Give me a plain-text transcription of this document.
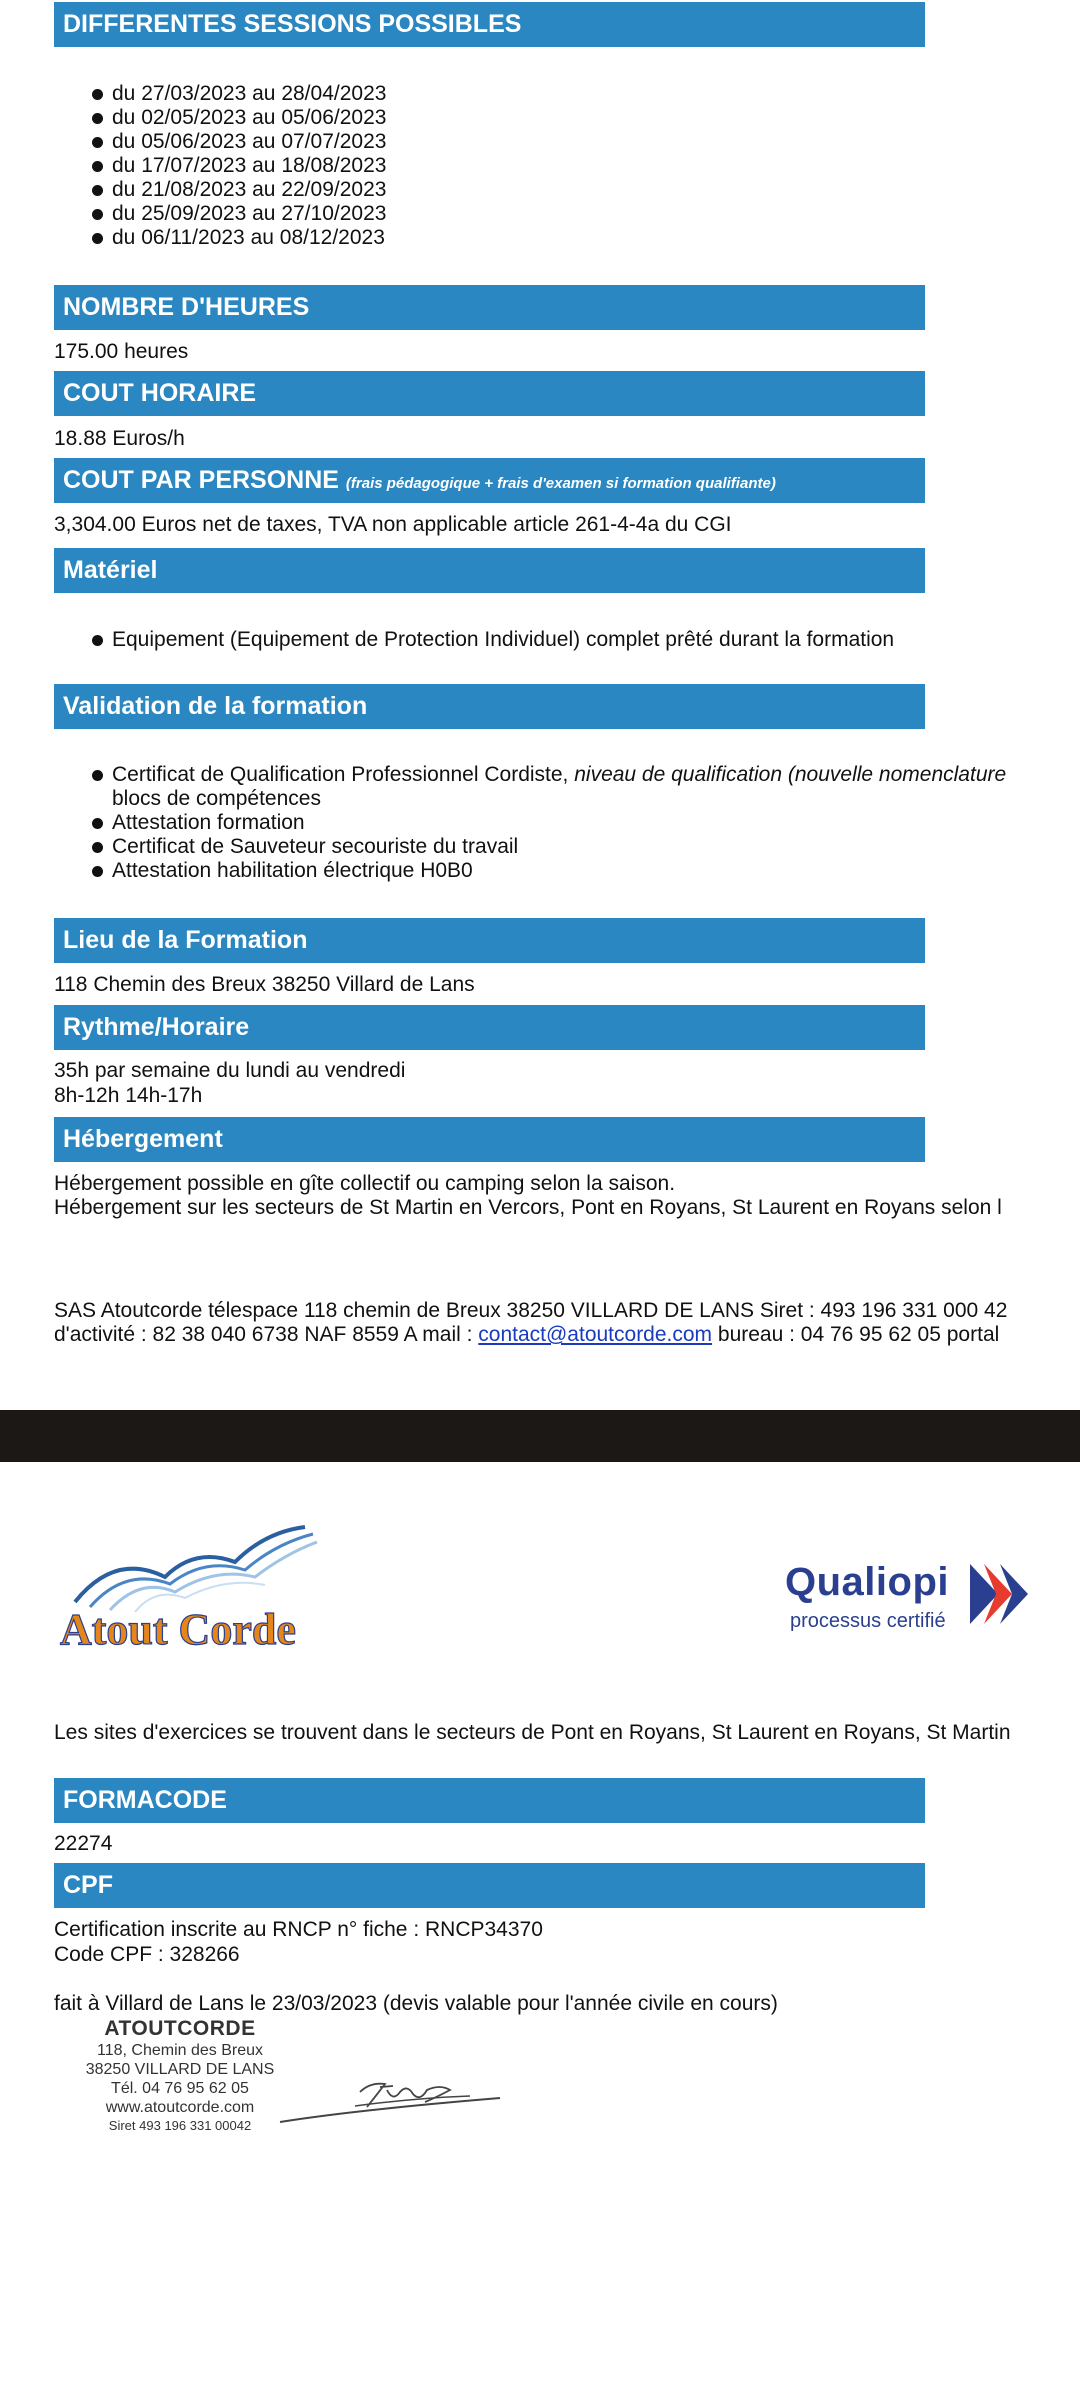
DIFFERENTES SESSIONS POSSIBLES
du 27/03/2023 au 28/04/2023
du 02/05/2023 au 05/06/2023
du 05/06/2023 au 07/07/2023
du 17/07/2023 au 18/08/2023
du 21/08/2023 au 22/09/2023
du 25/09/2023 au 27/10/2023
du 06/11/2023 au 08/12/2023
NOMBRE D'HEURES
175.00 heures
COUT HORAIRE
18.88 Euros/h
COUT PAR PERSONNE (frais pédagogique + frais d'examen si formation qualifiante)
3,304.00 Euros net de taxes, TVA non applicable article 261-4-4a du CGI
Matériel
Equipement (Equipement de Protection Individuel) complet prêté durant la formation
Validation de la formation
Certificat de Qualification Professionnel Cordiste, niveau de qualification (nouvelle nomenclature
blocs de compétences
Attestation formation
Certificat de Sauveteur secouriste du travail
Attestation habilitation électrique H0B0
Lieu de la Formation
118 Chemin des Breux 38250 Villard de Lans
Rythme/Horaire
35h par semaine du lundi au vendredi
8h-12h 14h-17h
Hébergement
Hébergement possible en gîte collectif ou camping selon la saison.
Hébergement sur les secteurs de St Martin en Vercors, Pont en Royans, St Laurent en Royans selon l
SAS Atoutcorde télespace 118 chemin de Breux 38250 VILLARD DE LANS Siret : 493 196 331 000 42
d'activité : 82 38 040 6738 NAF 8559 A mail : contact@atoutcorde.com bureau : 04 76 95 62 05 portal
Atout Corde
Qualiopi
processus certifié
Les sites d'exercices se trouvent dans le secteurs de Pont en Royans, St Laurent en Royans, St Martin
FORMACODE
22274
CPF
Certification inscrite au RNCP n° fiche : RNCP34370
Code CPF : 328266
fait à Villard de Lans le 23/03/2023 (devis valable pour l'année civile en cours)
ATOUTCORDE
118, Chemin des Breux
38250 VILLARD DE LANS
Tél. 04 76 95 62 05
www.atoutcorde.com
Siret 493 196 331 00042
